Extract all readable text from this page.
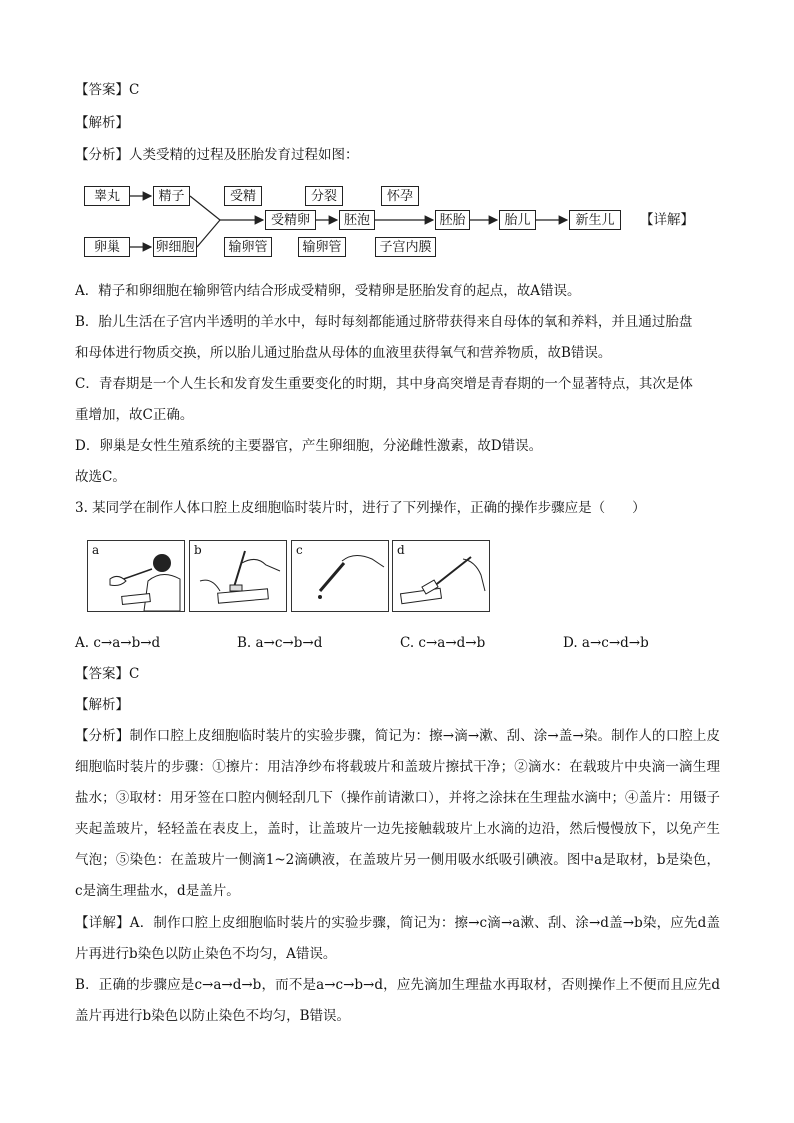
【答案】C
【解析】
【分析】人类受精的过程及胚胎发育过程如图：
睾丸	精子
卵巢	卵细胞
受精
受精卵
输卵管
分裂
胚泡
输卵管
怀孕
子宫内膜
胚胎	胎儿	新生儿	【详解】
A．精子和卵细胞在输卵管内结合形成受精卵，受精卵是胚胎发育的起点，故A错误。
B．胎儿生活在子宫内半透明的羊水中，每时每刻都能通过脐带获得来自母体的氧和养料，并且通过胎盘
和母体进行物质交换，所以胎儿通过胎盘从母体的血液里获得氧气和营养物质，故B错误。
C．青春期是一个人生长和发育发生重要变化的时期，其中身高突增是青春期的一个显著特点，其次是体
重增加，故C正确。
D．卵巢是女性生殖系统的主要器官，产生卵细胞，分泌雌性激素，故D错误。
故选C。
3. 某同学在制作人体口腔上皮细胞临时装片时，进行了下列操作，正确的操作步骤应是（　　）
a	b	c	d
A. c→a→b→d	B. a→c→b→d	C. c→a→d→b	D. a→c→d→b
【答案】C
【解析】
【分析】制作口腔上皮细胞临时装片的实验步骤，简记为：擦→滴→漱、刮、涂→盖→染。制作人的口腔上皮细胞临时装片的步骤：①擦片：用洁净纱布将载玻片和盖玻片擦拭干净；②滴水：在载玻片中央滴一滴生理盐水；③取材：用牙签在口腔内侧轻刮几下（操作前请漱口），并将之涂抹在生理盐水滴中；④盖片：用镊子夹起盖玻片，轻轻盖在表皮上，盖时，让盖玻片一边先接触载玻片上水滴的边沿，然后慢慢放下，以免产生气泡；⑤染色：在盖玻片一侧滴1~2滴碘液，在盖玻片另一侧用吸水纸吸引碘液。图中a是取材，b是染色，c是滴生理盐水，d是盖片。
【详解】A．制作口腔上皮细胞临时装片的实验步骤，简记为：擦→c滴→a漱、刮、涂→d盖→b染，应先d盖片再进行b染色以防止染色不均匀，A错误。
B．正确的步骤应是c→a→d→b，而不是a→c→b→d，应先滴加生理盐水再取材，否则操作上不便而且应先d盖片再进行b染色以防止染色不均匀，B错误。
